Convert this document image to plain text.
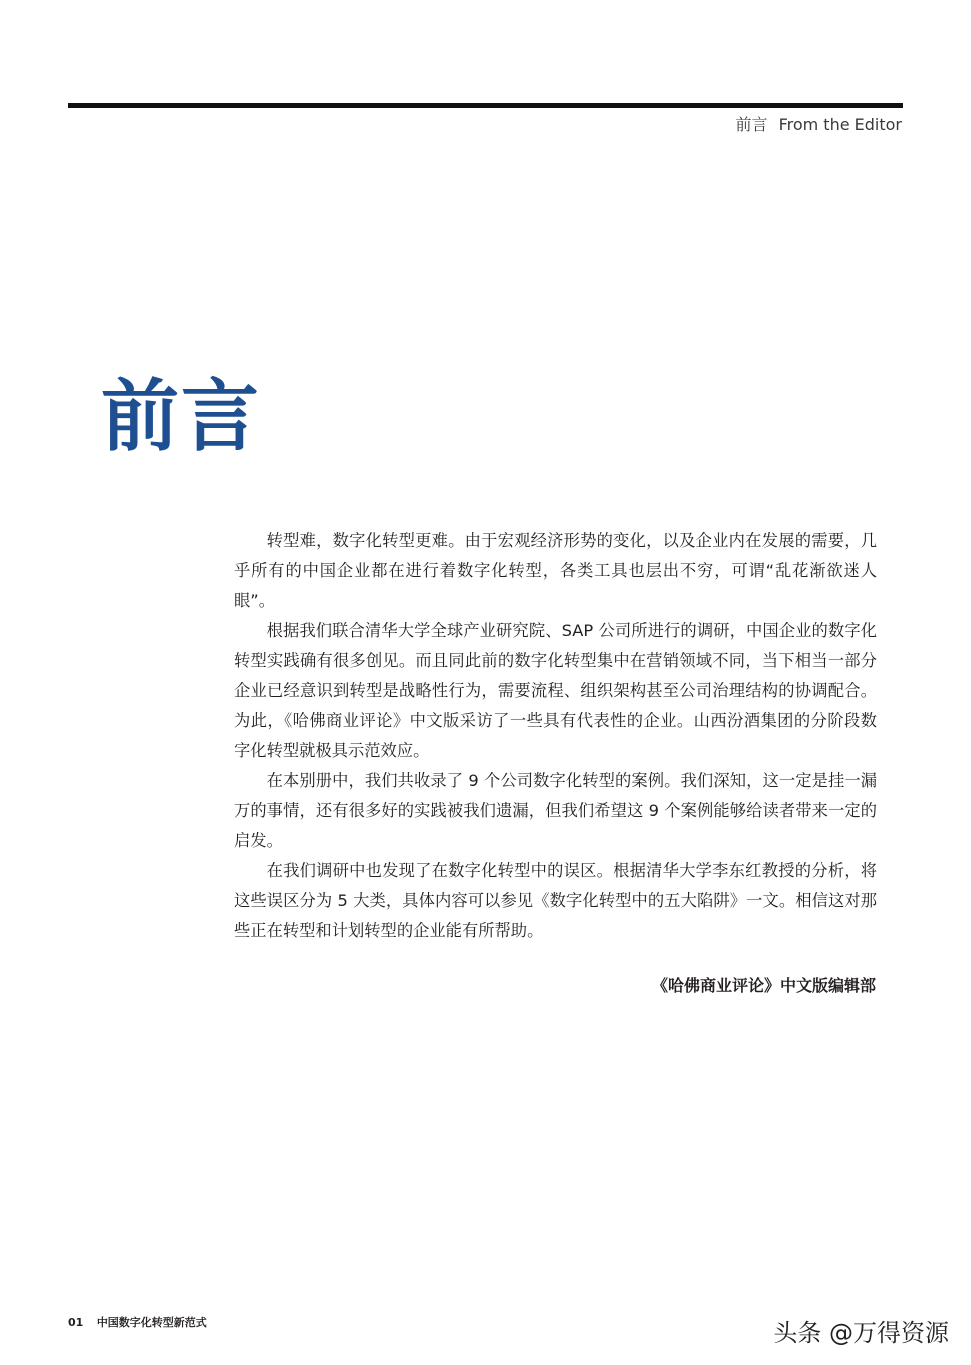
前言 From the Editor
前言

转型难，数字化转型更难。由于宏观经济形势的变化，以及企业内在发展的需要，几乎所有的中国企业都在进行着数字化转型，各类工具也层出不穷，可谓“乱花渐欲迷人眼”。

根据我们联合清华大学全球产业研究院、SAP 公司所进行的调研，中国企业的数字化转型实践确有很多创见。而且同此前的数字化转型集中在营销领域不同，当下相当一部分企业已经意识到转型是战略性行为，需要流程、组织架构甚至公司治理结构的协调配合。为此，《哈佛商业评论》中文版采访了一些具有代表性的企业。山西汾酒集团的分阶段数字化转型就极具示范效应。

在本别册中，我们共收录了 9 个公司数字化转型的案例。我们深知，这一定是挂一漏万的事情，还有很多好的实践被我们遗漏，但我们希望这 9 个案例能够给读者带来一定的启发。

在我们调研中也发现了在数字化转型中的误区。根据清华大学李东红教授的分析，将这些误区分为 5 大类，具体内容可以参见《数字化转型中的五大陷阱》一文。相信这对那些正在转型和计划转型的企业能有所帮助。

《哈佛商业评论》中文版编辑部
01 中国数字化转型新范式	头条 @万得资源
